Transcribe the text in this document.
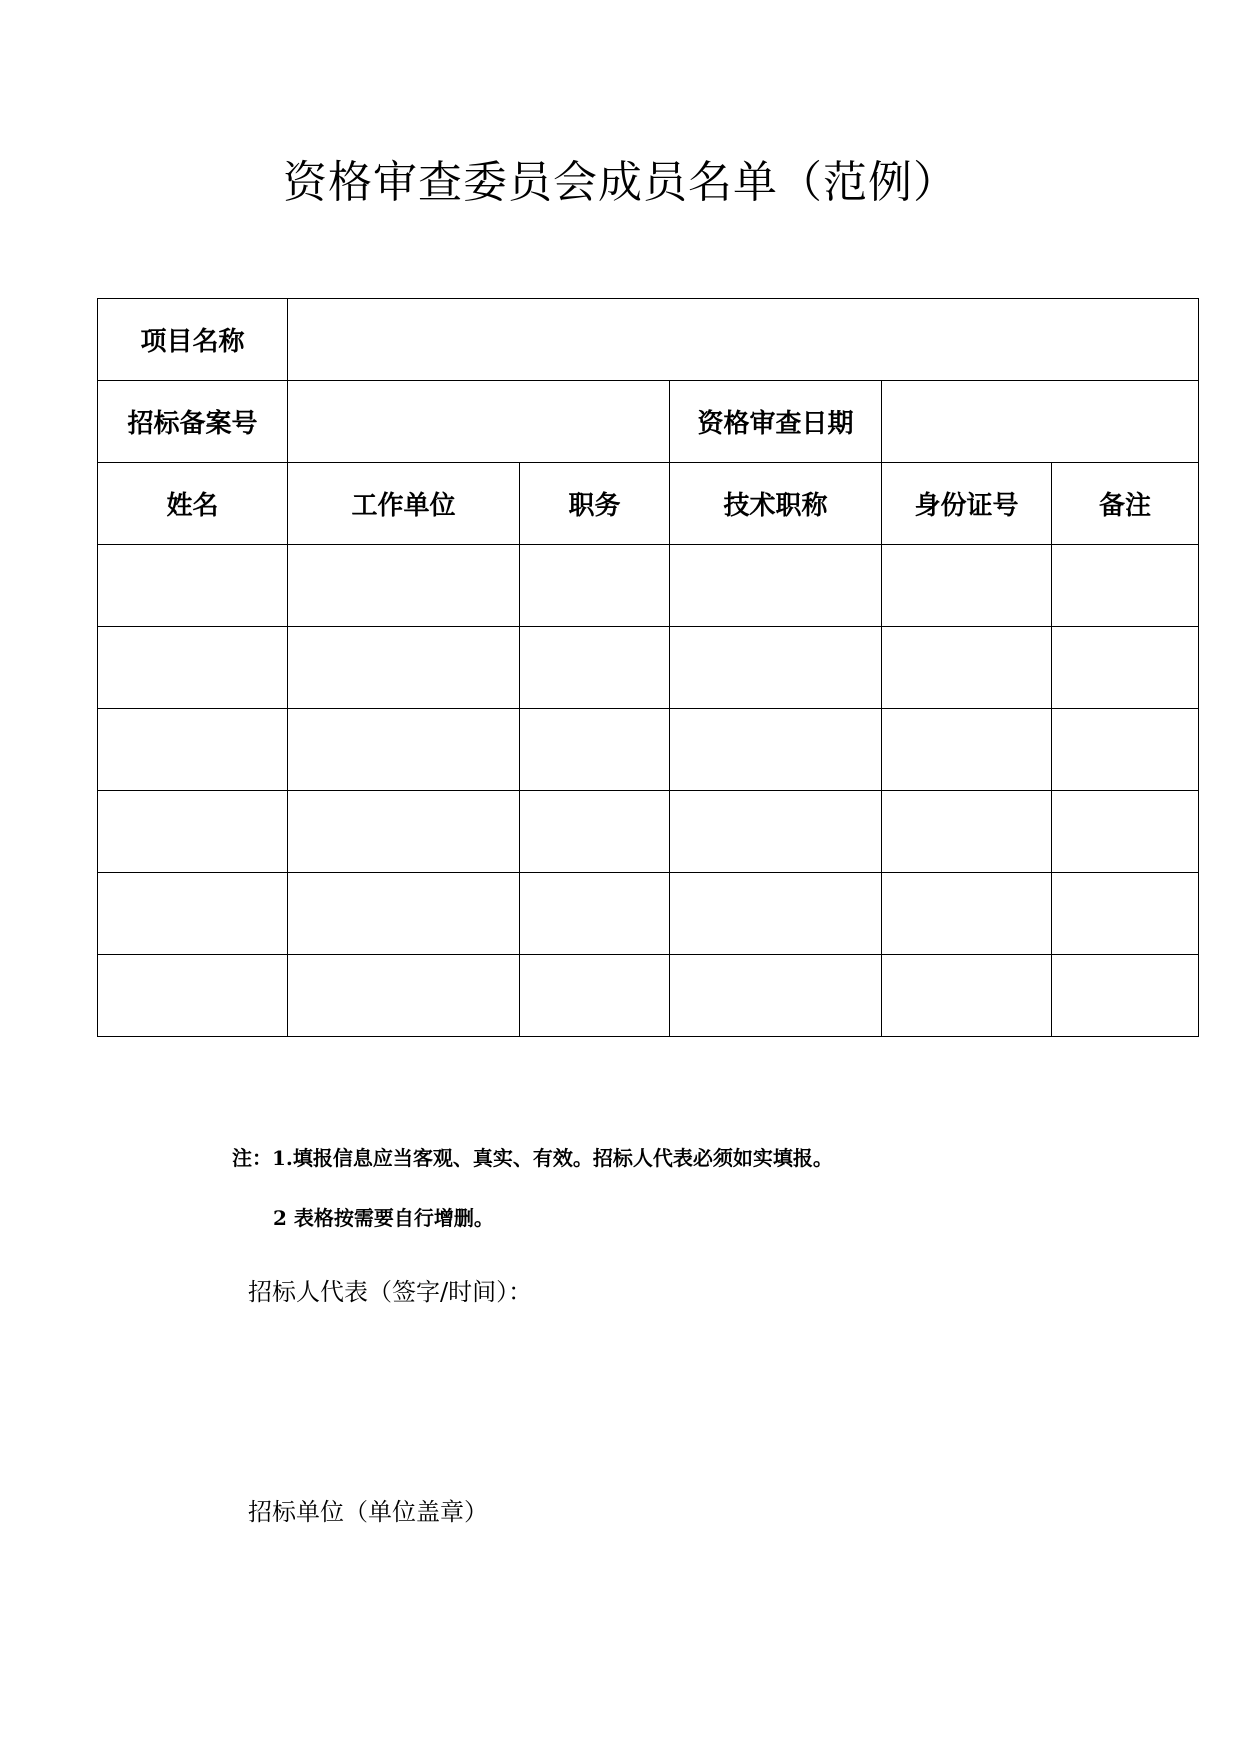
资格审查委员会成员名单（范例）
项目名称					
招标备案号			资格审查日期		
姓名	工作单位	职务	技术职称	身份证号	备注

注：1.填报信息应当客观、真实、有效。招标人代表必须如实填报。
2 表格按需要自行增删。
招标人代表（签字/时间）：
招标单位（单位盖章）
